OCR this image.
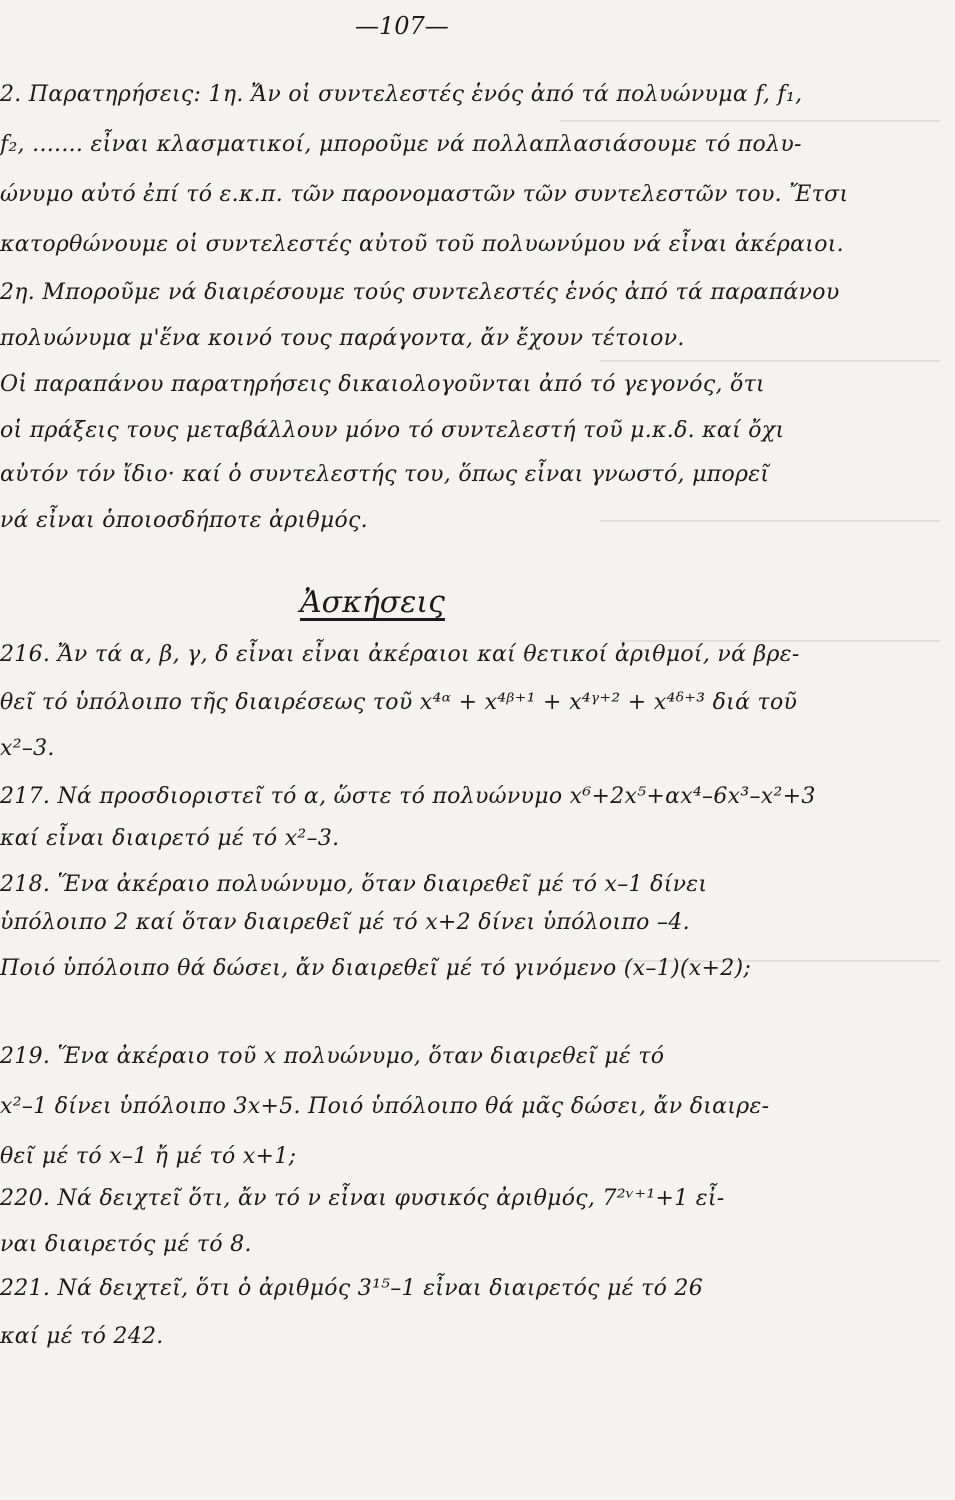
—107—
2. Παρατηρήσεις: 1η. Ἄν οἱ συντελεστές ἑνός ἀπό τά πολυώνυμα f, f₁,
f₂, ....... εἶναι κλασματικοί, μποροῦμε νά πολλαπλασιάσουμε τό πολυ-
ώνυμο αὐτό ἐπί τό ε.κ.π. τῶν παρονομαστῶν τῶν συντελεστῶν του. Ἔτσι
κατορθώνουμε οἱ συντελεστές αὐτοῦ τοῦ πολυωνύμου νά εἶναι ἀκέραιοι.
2η. Μποροῦμε νά διαιρέσουμε τούς συντελεστές ἑνός ἀπό τά παραπάνου
πολυώνυμα μ'ἕνα κοινό τους παράγοντα, ἄν ἔχουν τέτοιον.
Οἱ παραπάνου παρατηρήσεις δικαιολογοῦνται ἀπό τό γεγονός, ὅτι
οἱ πράξεις τους μεταβάλλουν μόνο τό συντελεστή τοῦ μ.κ.δ. καί ὄχι
αὐτόν τόν ἴδιο· καί ὁ συντελεστής του, ὅπως εἶναι γνωστό, μπορεῖ
νά εἶναι ὁποιοσδήποτε ἀριθμός.
Ἀσκήσεις
216. Ἄν τά α, β, γ, δ εἶναι εἶναι ἀκέραιοι καί θετικοί ἀριθμοί, νά βρε-
θεῖ τό ὑπόλοιπο τῆς διαιρέσεως τοῦ x⁴ᵅ + x⁴ᵝ⁺¹ + x⁴ᵞ⁺² + x⁴ᵟ⁺³ διά τοῦ
x²–3.
217. Νά προσδιοριστεῖ τό α, ὥστε τό πολυώνυμο x⁶+2x⁵+αx⁴–6x³–x²+3
καί εἶναι διαιρετό μέ τό x²–3.
218. Ἕνα ἀκέραιο πολυώνυμο, ὅταν διαιρεθεῖ μέ τό x–1 δίνει
ὑπόλοιπο 2 καί ὅταν διαιρεθεῖ μέ τό x+2 δίνει ὑπόλοιπο –4.
Ποιό ὑπόλοιπο θά δώσει, ἄν διαιρεθεῖ μέ τό γινόμενο (x–1)(x+2);
219. Ἕνα ἀκέραιο τοῦ x πολυώνυμο, ὅταν διαιρεθεῖ μέ τό
x²–1 δίνει ὑπόλοιπο 3x+5. Ποιό ὑπόλοιπο θά μᾶς δώσει, ἄν διαιρε-
θεῖ μέ τό x–1 ἤ μέ τό x+1;
220. Νά δειχτεῖ ὅτι, ἄν τό ν εἶναι φυσικός ἀριθμός, 7²ᵛ⁺¹+1 εἶ-
ναι διαιρετός μέ τό 8.
221. Νά δειχτεῖ, ὅτι ὁ ἀριθμός 3¹⁵–1 εἶναι διαιρετός μέ τό 26
καί μέ τό 242.
